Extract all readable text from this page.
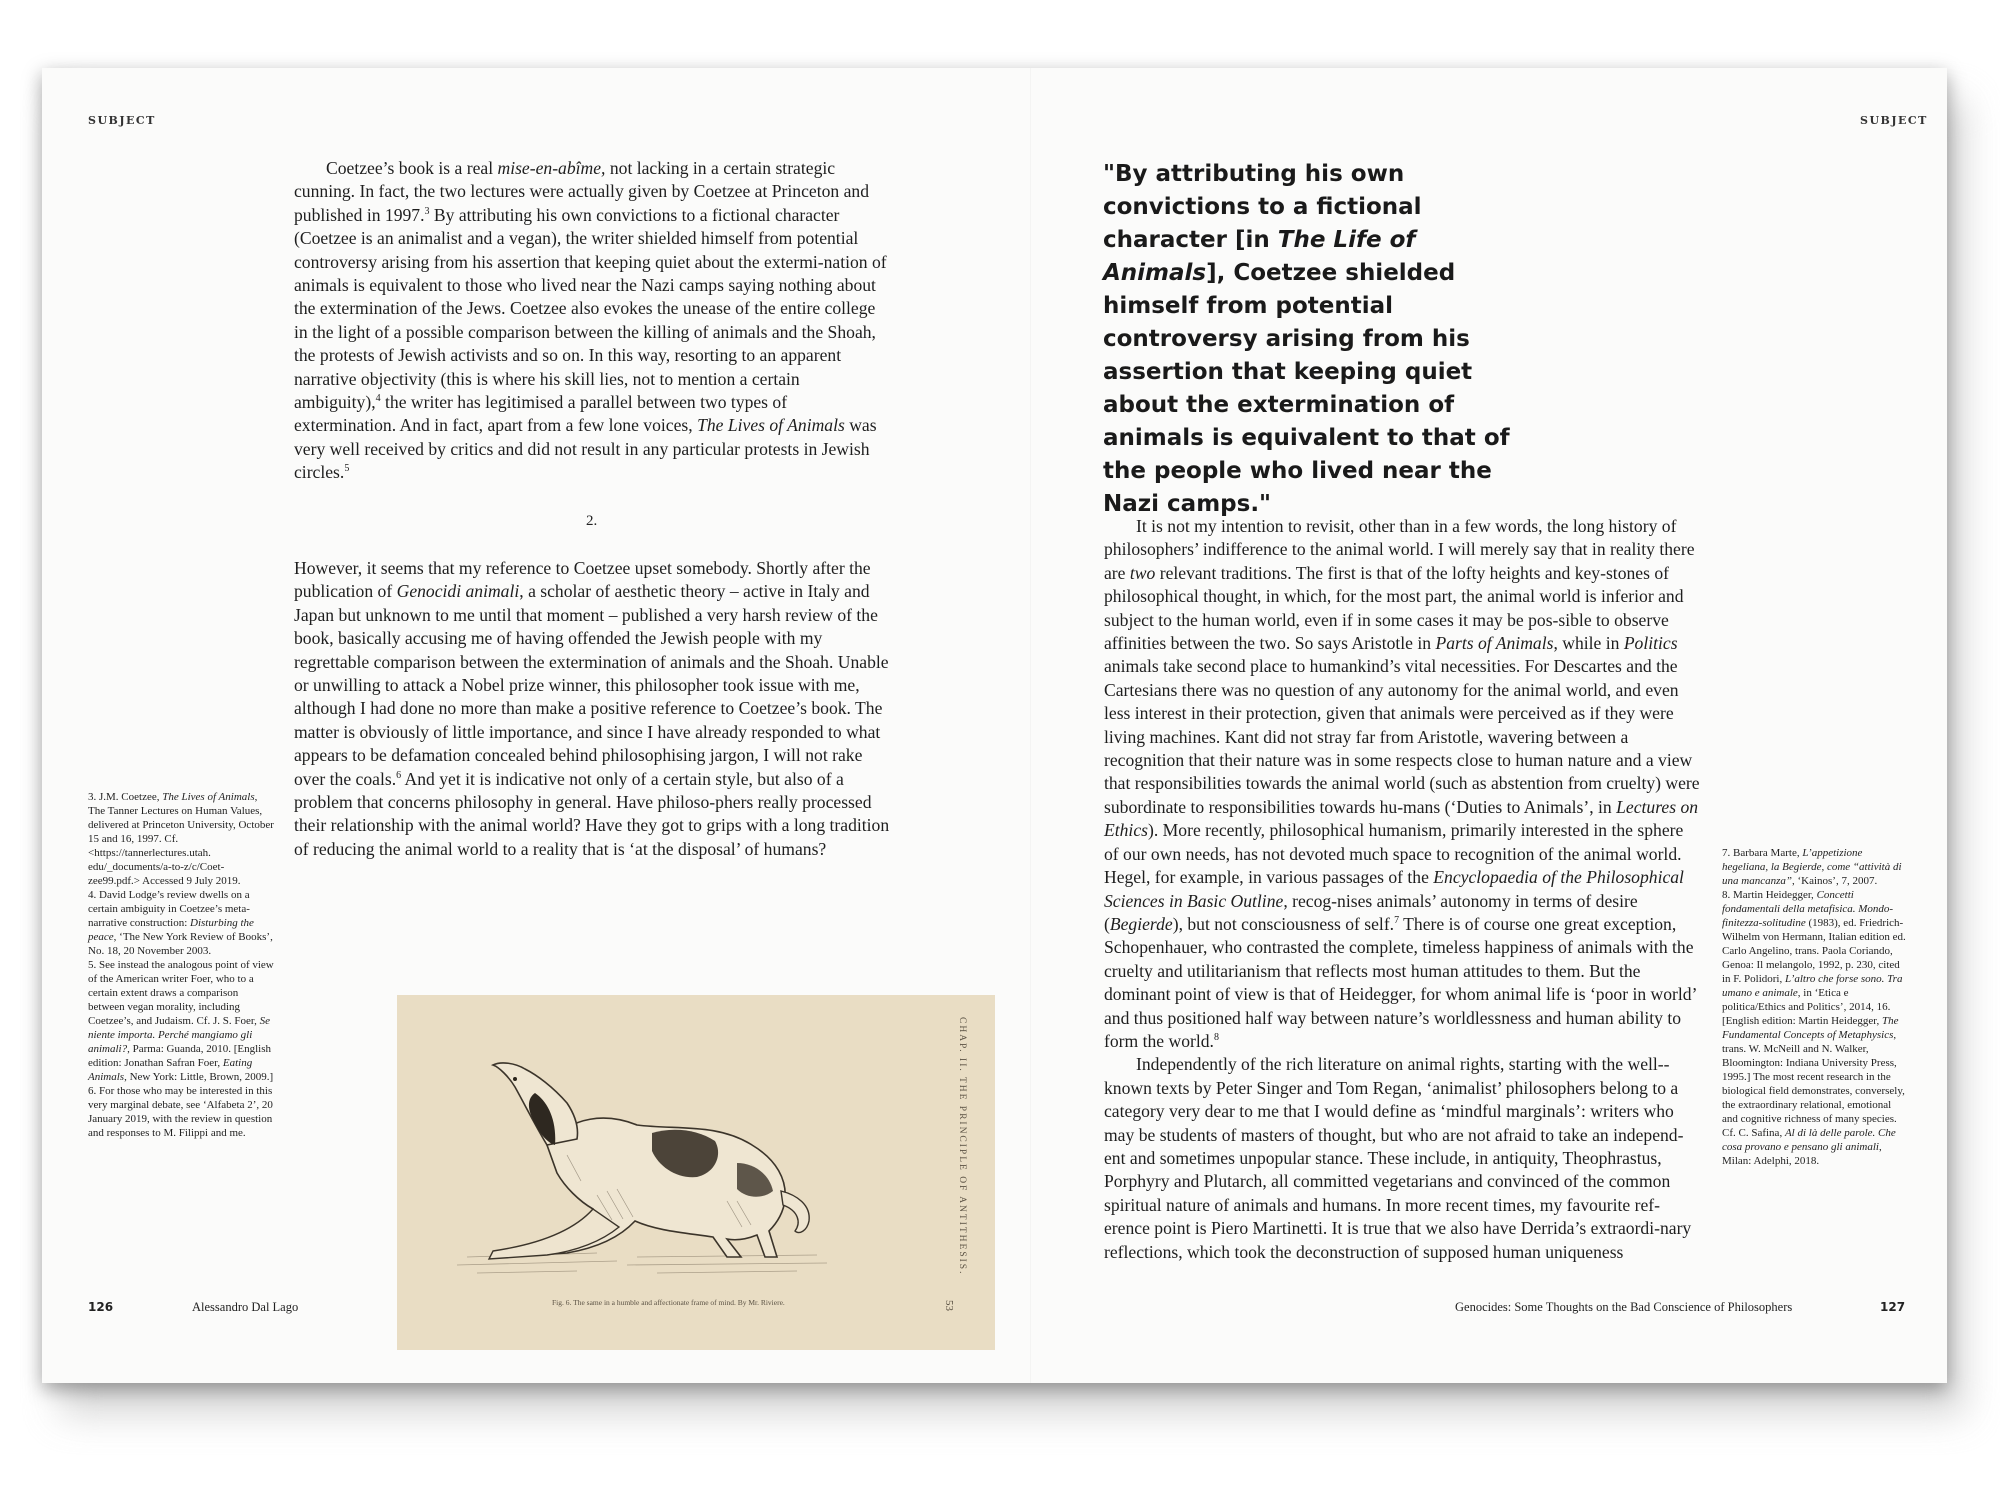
SUBJECT

Coetzee’s book is a real mise-en-abîme, not lacking in a certain strategic cunning. In fact, the two lectures were actually given by Coetzee at Princeton and published in 1997.$^3$ By attributing his own convictions to a fictional character (Coetzee is an animalist and a vegan), the writer shielded himself from potential controversy arising from his assertion that keeping quiet about the extermi-nation of animals is equivalent to those who lived near the Nazi camps saying nothing about the extermination of the Jews. Coetzee also evokes the unease of the entire college in the light of a possible comparison between the killing of animals and the Shoah, the protests of Jewish activists and so on. In this way, resorting to an apparent narrative objectivity (this is where his skill lies, not to mention a certain ambiguity),$^4$ the writer has legitimised a parallel between two types of extermination. And in fact, apart from a few lone voices, The Lives of Animals was very well received by critics and did not result in any particular protests in Jewish circles.$^5$

2.

However, it seems that my reference to Coetzee upset somebody. Shortly after the publication of Genocidi animali, a scholar of aesthetic theory – active in Italy and Japan but unknown to me until that moment – published a very harsh review of the book, basically accusing me of having offended the Jewish people with my regrettable comparison between the extermination of animals and the Shoah. Unable or unwilling to attack a Nobel prize winner, this philosopher took issue with me, although I had done no more than make a positive reference to Coetzee’s book. The matter is obviously of little importance, and since I have already responded to what appears to be defamation concealed behind philosophising jargon, I will not rake over the coals.$^6$ And yet it is indicative not only of a certain style, but also of a problem that concerns philosophy in general. Have philoso-phers really processed their relationship with the animal world? Have they got to grips with a long tradition of reducing the animal world to a reality that is ‘at the disposal’ of humans?

3. J.M. Coetzee, The Lives of Animals, The Tanner Lectures on Human Values, delivered at Princeton University, October 15 and 16, 1997. Cf. <https://tannerlectures.utah. edu/_documents/a-to-z/c/Coet-zee99.pdf.> Accessed 9 July 2019.
4. David Lodge’s review dwells on a certain ambiguity in Coetzee’s meta-narrative construction: Disturbing the peace, ‘The New York Review of Books’, No. 18, 20 November 2003.
5. See instead the analogous point of view of the American writer Foer, who to a certain extent draws a comparison between vegan morality, including Coetzee’s, and Judaism. Cf. J. S. Foer, Se niente importa. Perché mangiamo gli animali?, Parma: Guanda, 2010. [English edition: Jonathan Safran Foer, Eating Animals, New York: Little, Brown, 2009.]
6. For those who may be interested in this very marginal debate, see ‘Alfabeta 2’, 20 January 2019, with the review in question and responses to M. Filippi and me.
Fig. 6. The same in a humble and affectionate frame of mind. By Mr. Riviere.
CHAP. II. THE PRINCIPLE OF ANTITHESIS.
53
126	Alessandro Dal Lago
SUBJECT
"By attributing his own convictions to a fictional character [in The Life of Animals], Coetzee shielded himself from potential controversy arising from his assertion that keeping quiet about the extermination of animals is equivalent to that of the people who lived near the Nazi camps."

It is not my intention to revisit, other than in a few words, the long history of philosophers’ indifference to the animal world. I will merely say that in reality there are two relevant traditions. The first is that of the lofty heights and key-stones of philosophical thought, in which, for the most part, the animal world is inferior and subject to the human world, even if in some cases it may be pos-sible to observe affinities between the two. So says Aristotle in Parts of Animals, while in Politics animals take second place to humankind’s vital necessities. For Descartes and the Cartesians there was no question of any autonomy for the animal world, and even less interest in their protection, given that animals were perceived as if they were living machines. Kant did not stray far from Aristotle, wavering between a recognition that their nature was in some respects close to human nature and a view that responsibilities towards the animal world (such as abstention from cruelty) were subordinate to responsibilities towards hu-mans (‘Duties to Animals’, in Lectures on Ethics). More recently, philosophical humanism, primarily interested in the sphere of our own needs, has not devoted much space to recognition of the animal world. Hegel, for example, in various passages of the Encyclopaedia of the Philosophical Sciences in Basic Outline, recog-nises animals’ autonomy in terms of desire (Begierde), but not consciousness of self.$^7$ There is of course one great exception, Schopenhauer, who contrasted the complete, timeless happiness of animals with the cruelty and utilitarianism that reflects most human attitudes to them. But the dominant point of view is that of Heidegger, for whom animal life is ‘poor in world’ and thus positioned half way between nature’s worldlessness and human ability to form the world.$^8$

Independently of the rich literature on animal rights, starting with the well--known texts by Peter Singer and Tom Regan, ‘animalist’ philosophers belong to a category very dear to me that I would define as ‘mindful marginals’: writers who may be students of masters of thought, but who are not afraid to take an independ-ent and sometimes unpopular stance. These include, in antiquity, Theophrastus, Porphyry and Plutarch, all committed vegetarians and convinced of the common spiritual nature of animals and humans. In more recent times, my favourite ref-erence point is Piero Martinetti. It is true that we also have Derrida’s extraordi-nary reflections, which took the deconstruction of supposed human uniqueness

7. Barbara Marte, L’appetizione hegeliana, la Begierde, come “attività di una mancanza”, ‘Kainos’, 7, 2007.
8. Martin Heidegger, Concetti fondamentali della metafisica. Mondo-finitezza-solitudine (1983), ed. Friedrich-Wilhelm von Hermann, Italian edition ed. Carlo Angelino, trans. Paola Coriando, Genoa: Il melangolo, 1992, p. 230, cited in F. Polidori, L’altro che forse sono. Tra umano e animale, in ‘Etica e politica/Ethics and Politics’, 2014, 16. [English edition: Martin Heidegger, The Fundamental Concepts of Metaphysics, trans. W. McNeill and N. Walker, Bloomington: Indiana University Press, 1995.] The most recent research in the biological field demonstrates, conversely, the extraordinary relational, emotional and cognitive richness of many species. Cf. C. Safina, Al di là delle parole. Che cosa provano e pensano gli animali, Milan: Adelphi, 2018.
Genocides: Some Thoughts on the Bad Conscience of Philosophers	127
